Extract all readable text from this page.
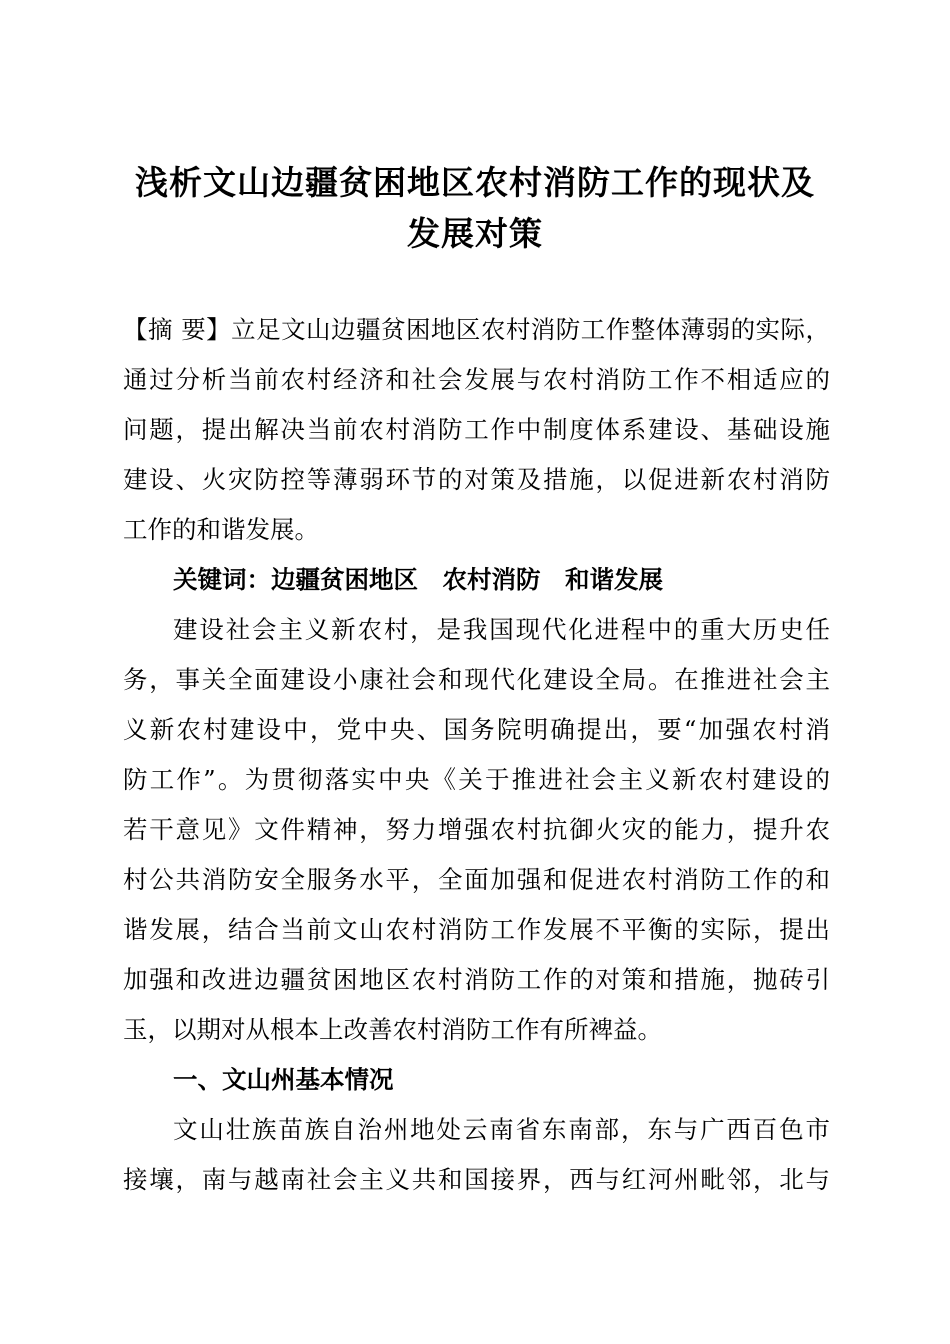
浅析文山边疆贫困地区农村消防工作的现状及
发展对策
【摘 要】立足文山边疆贫困地区农村消防工作整体薄弱的实际，
通过分析当前农村经济和社会发展与农村消防工作不相适应的
问题，提出解决当前农村消防工作中制度体系建设、基础设施
建设、火灾防控等薄弱环节的对策及措施，以促进新农村消防
工作的和谐发展。
关键词：边疆贫困地区　农村消防　和谐发展
建设社会主义新农村，是我国现代化进程中的重大历史任
务，事关全面建设小康社会和现代化建设全局。在推进社会主
义新农村建设中，党中央、国务院明确提出，要“加强农村消
防工作”。为贯彻落实中央《关于推进社会主义新农村建设的
若干意见》文件精神，努力增强农村抗御火灾的能力，提升农
村公共消防安全服务水平，全面加强和促进农村消防工作的和
谐发展，结合当前文山农村消防工作发展不平衡的实际，提出
加强和改进边疆贫困地区农村消防工作的对策和措施，抛砖引
玉，以期对从根本上改善农村消防工作有所裨益。
一、文山州基本情况
文山壮族苗族自治州地处云南省东南部，东与广西百色市
接壤，南与越南社会主义共和国接界，西与红河州毗邻，北与
